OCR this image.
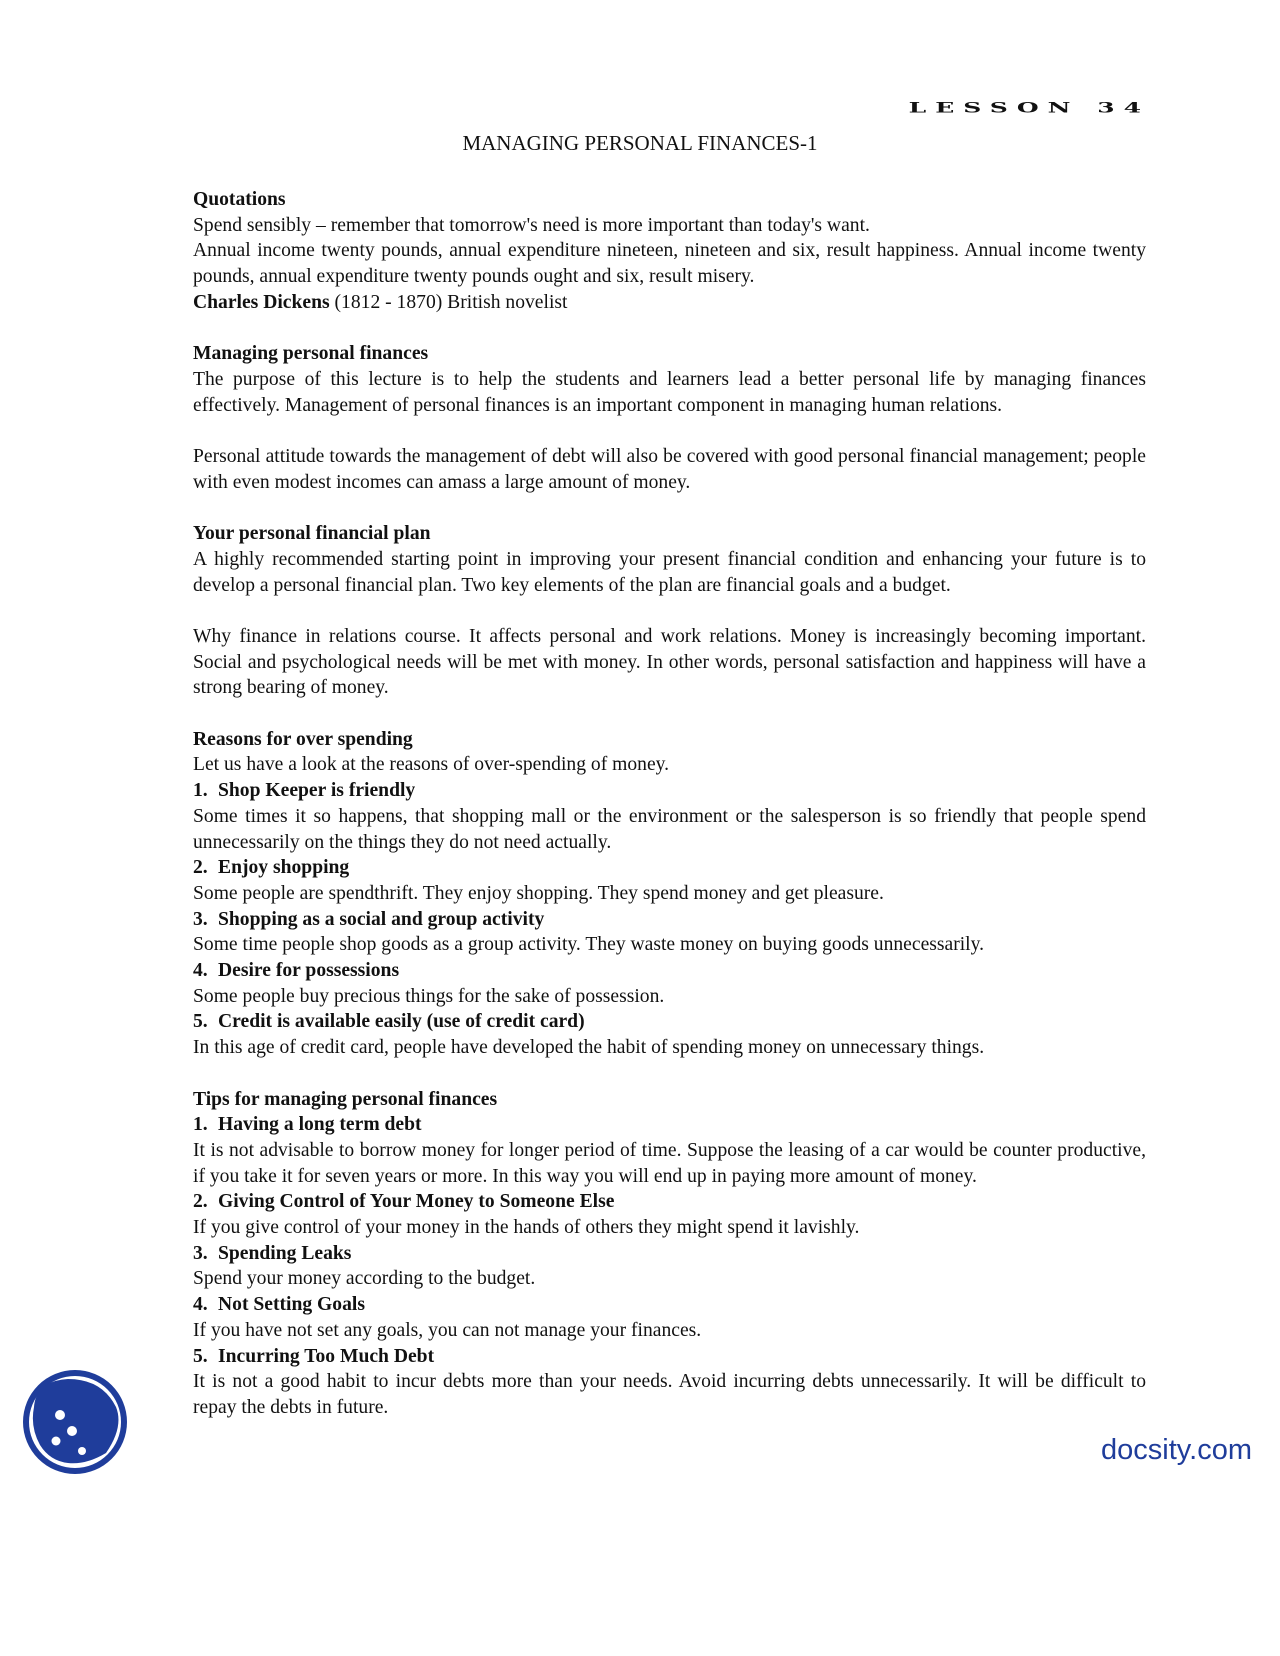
LESSON 34
MANAGING PERSONAL FINANCES-1

Quotations

Spend sensibly – remember that tomorrow's need is more important than today's want.

Annual income twenty pounds, annual expenditure nineteen, nineteen and six, result happiness. Annual income twenty pounds, annual expenditure twenty pounds ought and six, result misery.

Charles Dickens (1812 - 1870) British novelist

Managing personal finances

The purpose of this lecture is to help the students and learners lead a better personal life by managing finances effectively. Management of personal finances is an important component in managing human relations.

Personal attitude towards the management of debt will also be covered with good personal financial management; people with even modest incomes can amass a large amount of money.

Your personal financial plan

A highly recommended starting point in improving your present financial condition and enhancing your future is to develop a personal financial plan. Two key elements of the plan are financial goals and a budget.

Why finance in relations course. It affects personal and work relations. Money is increasingly becoming important. Social and psychological needs will be met with money. In other words, personal satisfaction and happiness will have a strong bearing of money.

Reasons for over spending

Let us have a look at the reasons of over-spending of money.

1. Shop Keeper is friendly

Some times it so happens, that shopping mall or the environment or the salesperson is so friendly that people spend unnecessarily on the things they do not need actually.

2. Enjoy shopping

Some people are spendthrift. They enjoy shopping. They spend money and get pleasure.

3. Shopping as a social and group activity

Some time people shop goods as a group activity. They waste money on buying goods unnecessarily.

4. Desire for possessions

Some people buy precious things for the sake of possession.

5. Credit is available easily (use of credit card)

In this age of credit card, people have developed the habit of spending money on unnecessary things.

Tips for managing personal finances

1. Having a long term debt

It is not advisable to borrow money for longer period of time. Suppose the leasing of a car would be counter productive, if you take it for seven years or more. In this way you will end up in paying more amount of money.

2. Giving Control of Your Money to Someone Else

If you give control of your money in the hands of others they might spend it lavishly.

3. Spending Leaks

Spend your money according to the budget.

4. Not Setting Goals

If you have not set any goals, you can not manage your finances.

5. Incurring Too Much Debt

It is not a good habit to incur debts more than your needs. Avoid incurring debts unnecessarily. It will be difficult to repay the debts in future.

docsity.com
